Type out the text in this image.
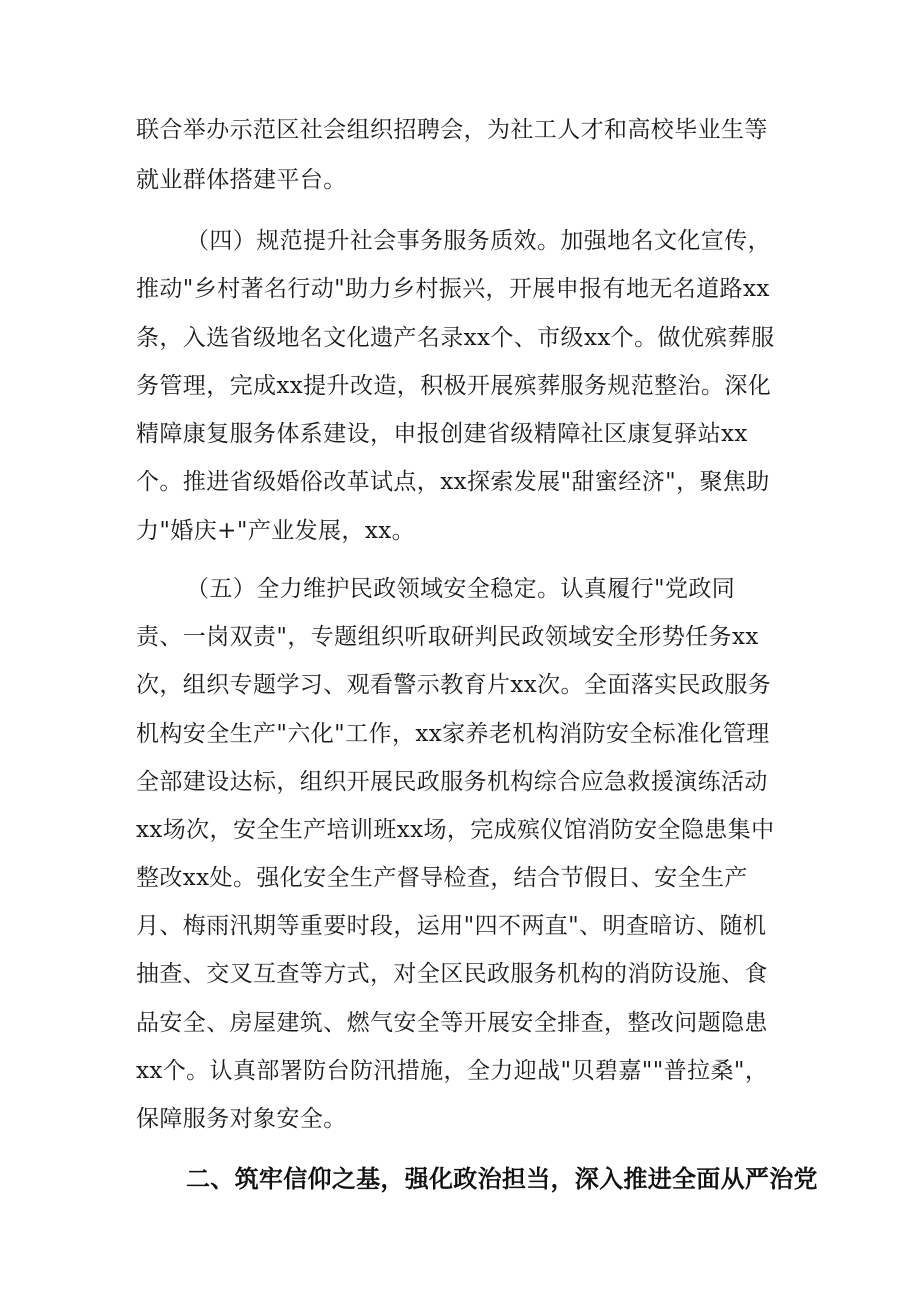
联合举办示范区社会组织招聘会，为社工人才和高校毕业生等
就业群体搭建平台。
（四）规范提升社会事务服务质效。加强地名文化宣传，
推动"乡村著名行动"助力乡村振兴，开展申报有地无名道路xx
条，入选省级地名文化遗产名录xx个、市级xx个。做优殡葬服
务管理，完成xx提升改造，积极开展殡葬服务规范整治。深化
精障康复服务体系建设，申报创建省级精障社区康复驿站xx
个。推进省级婚俗改革试点，xx探索发展"甜蜜经济"，聚焦助
力"婚庆+"产业发展，xx。
（五）全力维护民政领域安全稳定。认真履行"党政同
责、一岗双责"，专题组织听取研判民政领域安全形势任务xx
次，组织专题学习、观看警示教育片xx次。全面落实民政服务
机构安全生产"六化"工作，xx家养老机构消防安全标准化管理
全部建设达标，组织开展民政服务机构综合应急救援演练活动
xx场次，安全生产培训班xx场，完成殡仪馆消防安全隐患集中
整改xx处。强化安全生产督导检查，结合节假日、安全生产
月、梅雨汛期等重要时段，运用"四不两直"、明查暗访、随机
抽查、交叉互查等方式，对全区民政服务机构的消防设施、食
品安全、房屋建筑、燃气安全等开展安全排查，整改问题隐患
xx个。认真部署防台防汛措施，全力迎战"贝碧嘉""普拉桑"，
保障服务对象安全。
二、筑牢信仰之基，强化政治担当，深入推进全面从严治党
